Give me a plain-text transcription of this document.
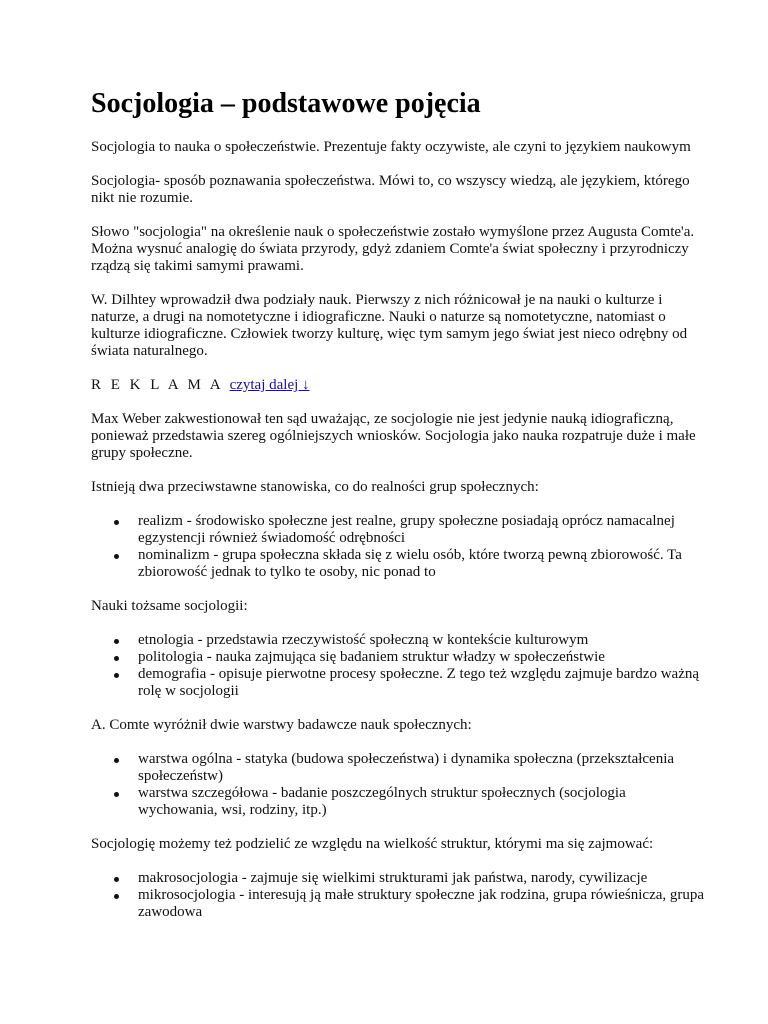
Socjologia – podstawowe pojęcia

Socjologia to nauka o społeczeństwie. Prezentuje fakty oczywiste, ale czyni to językiem naukowym

Socjologia- sposób poznawania społeczeństwa. Mówi to, co wszyscy wiedzą, ale językiem, którego nikt nie rozumie.

Słowo "socjologia" na określenie nauk o społeczeństwie zostało wymyślone przez Augusta Comte'a. Można wysnuć analogię do świata przyrody, gdyż zdaniem Comte'a świat społeczny i przyrodniczy rządzą się takimi samymi prawami.

W. Dilhtey wprowadził dwa podziały nauk. Pierwszy z nich różnicował je na nauki o kulturze i naturze, a drugi na nomotetyczne i idiograficzne. Nauki o naturze są nomotetyczne, natomiast o kulturze idiograficzne. Człowiek tworzy kulturę, więc tym samym jego świat jest nieco odrębny od świata naturalnego.

R E K L A M A czytaj dalej ↓

Max Weber zakwestionował ten sąd uważając, ze socjologie nie jest jedynie nauką idiograficzną, ponieważ przedstawia szereg ogólniejszych wniosków. Socjologia jako nauka rozpatruje duże i małe grupy społeczne.

Istnieją dwa przeciwstawne stanowiska, co do realności grup społecznych:

realizm - środowisko społeczne jest realne, grupy społeczne posiadają oprócz namacalnej egzystencji również świadomość odrębności
nominalizm - grupa społeczna składa się z wielu osób, które tworzą pewną zbiorowość. Ta zbiorowość jednak to tylko te osoby, nic ponad to

Nauki tożsame socjologii:

etnologia - przedstawia rzeczywistość społeczną w kontekście kulturowym
politologia - nauka zajmująca się badaniem struktur władzy w społeczeństwie
demografia - opisuje pierwotne procesy społeczne. Z tego też względu zajmuje bardzo ważną rolę w socjologii

A. Comte wyróżnił dwie warstwy badawcze nauk społecznych:

warstwa ogólna - statyka (budowa społeczeństwa) i dynamika społeczna (przekształcenia społeczeństw)
warstwa szczegółowa - badanie poszczególnych struktur społecznych (socjologia wychowania, wsi, rodziny, itp.)

Socjologię możemy też podzielić ze względu na wielkość struktur, którymi ma się zajmować:

makrosocjologia - zajmuje się wielkimi strukturami jak państwa, narody, cywilizacje
mikrosocjologia - interesują ją małe struktury społeczne jak rodzina, grupa rówieśnicza, grupa zawodowa
